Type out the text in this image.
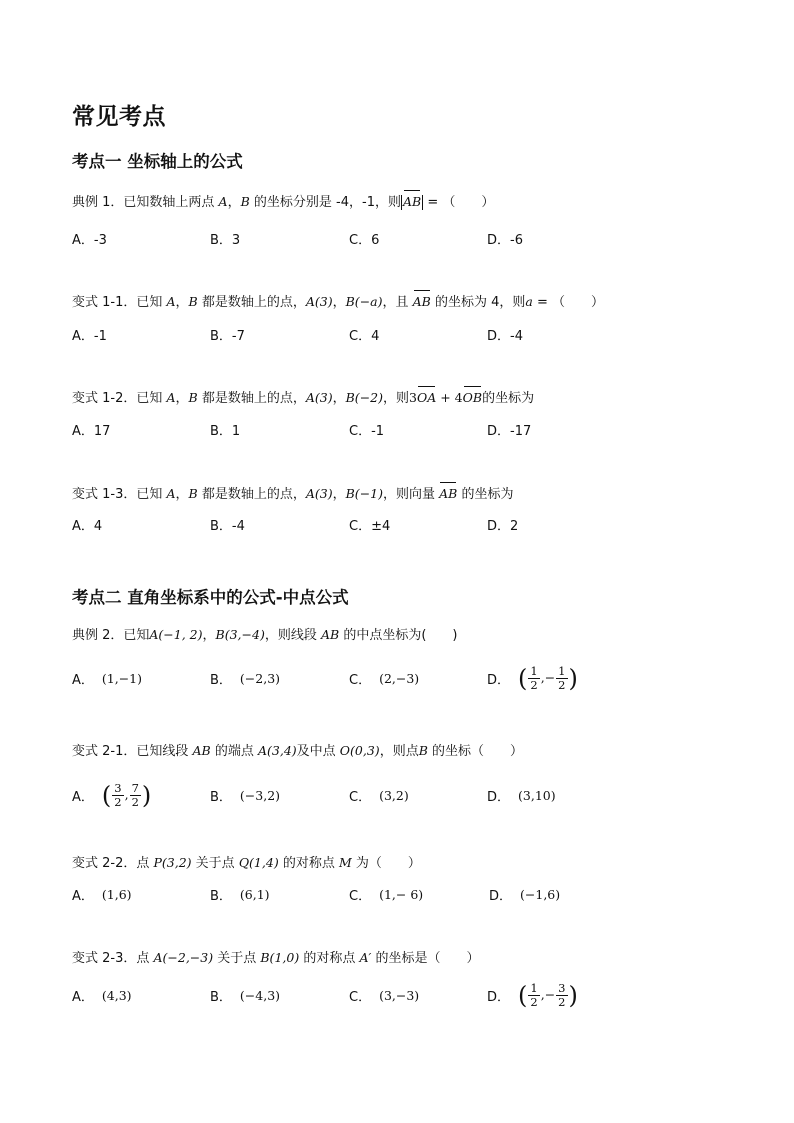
常见考点
考点一 坐标轴上的公式
典例 1．已知数轴上两点 A，B 的坐标分别是 -4，-1，则 AB = （　　）
A．-3	B．3	C．6	D．-6
变式 1-1．已知 A，B 都是数轴上的点，A(3)，B(−a)，且 AB 的坐标为 4，则a = （　　）
A．-1	B．-7	C．4	D．-4
变式 1-2．已知 A，B 都是数轴上的点，A(3)，B(−2)，则3OA + 4OB的坐标为
A．17	B．1	C．-1	D．-17
变式 1-3．已知 A，B 都是数轴上的点，A(3)，B(−1)，则向量 AB 的坐标为
A．4	B．-4	C．±4	D．2
考点二 直角坐标系中的公式-中点公式
典例 2．已知A(−1, 2)，B(3,−4)，则线段 AB 的中点坐标为(　　)
A． (1,−1)	B． (−2,3)	C． (2,−3)	D． ( $\frac{1}{2}$ ,− $\frac{1}{2}$ )
变式 2-1．已知线段 AB 的端点 A(3,4)及中点 O(0,3)，则点B 的坐标（　　）
A． ( $\frac{3}{2}$ , $\frac{7}{2}$ )	B． (−3,2)	C． (3,2)	D． (3,10)
变式 2-2．点 P(3,2) 关于点 Q(1,4) 的对称点 M 为（　　）
A． (1,6)	B． (6,1)	C． (1,− 6)	D． (−1,6)
变式 2-3．点 A(−2,−3) 关于点 B(1,0) 的对称点 A′ 的坐标是（　　）
A． (4,3)	B． (−4,3)	C． (3,−3)	D． ( $\frac{1}{2}$ ,− $\frac{3}{2}$ )
